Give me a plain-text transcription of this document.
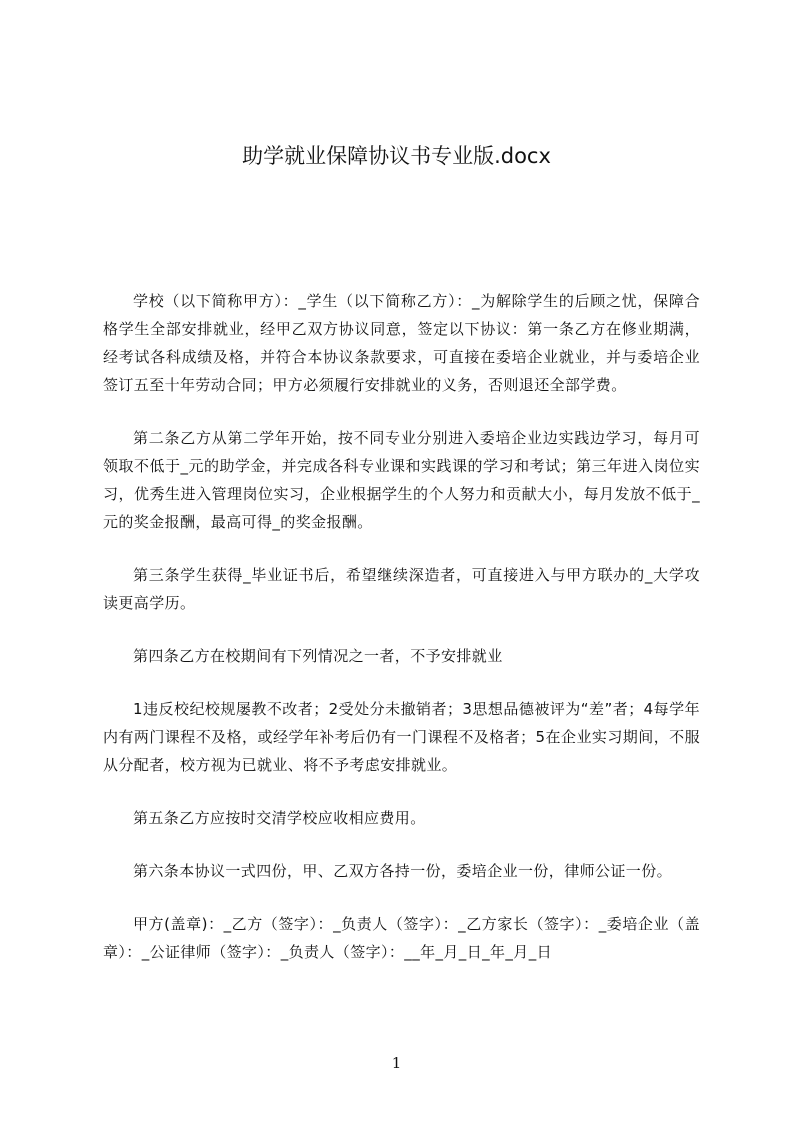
助学就业保障协议书专业版.docx

学校（以下简称甲方）：_学生（以下简称乙方）：_为解除学生的后顾之忧，保障合格学生全部安排就业，经甲乙双方协议同意，签定以下协议：第一条乙方在修业期满，经考试各科成绩及格，并符合本协议条款要求，可直接在委培企业就业，并与委培企业签订五至十年劳动合同；甲方必须履行安排就业的义务，否则退还全部学费。

第二条乙方从第二学年开始，按不同专业分别进入委培企业边实践边学习，每月可领取不低于_元的助学金，并完成各科专业课和实践课的学习和考试；第三年进入岗位实习，优秀生进入管理岗位实习，企业根据学生的个人努力和贡献大小，每月发放不低于_元的奖金报酬，最高可得_的奖金报酬。

第三条学生获得_毕业证书后，希望继续深造者，可直接进入与甲方联办的_大学攻读更高学历。

第四条乙方在校期间有下列情况之一者，不予安排就业

1违反校纪校规屡教不改者；2受处分未撤销者；3思想品德被评为“差”者；4每学年内有两门课程不及格，或经学年补考后仍有一门课程不及格者；5在企业实习期间，不服从分配者，校方视为已就业、将不予考虑安排就业。

第五条乙方应按时交清学校应收相应费用。

第六条本协议一式四份，甲、乙双方各持一份，委培企业一份，律师公证一份。

甲方(盖章)：_乙方（签字）：_负责人（签字）：_乙方家长（签字）：_委培企业（盖章）：_公证律师（签字）：_负责人（签字）：__年_月_日_年_月_日

1
